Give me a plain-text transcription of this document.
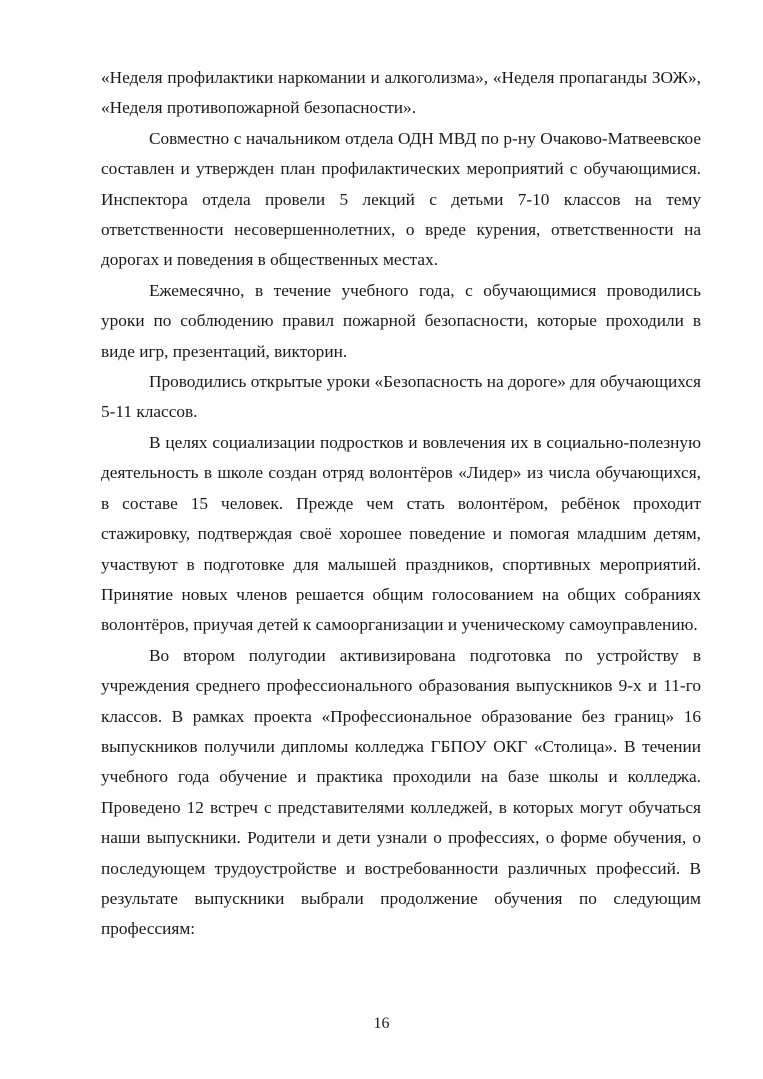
«Неделя профилактики наркомании и алкоголизма», «Неделя пропаганды ЗОЖ», «Неделя противопожарной безопасности».

Совместно с начальником отдела ОДН МВД по р-ну Очаково-Матвеевское составлен и утвержден план профилактических мероприятий с обучающимися. Инспектора отдела провели 5 лекций с детьми 7-10 классов на тему ответственности несовершеннолетних, о вреде курения, ответственности на дорогах и поведения в общественных местах.

Ежемесячно, в течение учебного года, с обучающимися проводились уроки по соблюдению правил пожарной безопасности, которые проходили в виде игр, презентаций, викторин.

Проводились открытые уроки «Безопасность на дороге» для обучающихся 5-11 классов.

В целях социализации подростков и вовлечения их в социально-полезную деятельность в школе создан отряд волонтёров «Лидер» из числа обучающихся, в составе 15 человек. Прежде чем стать волонтёром, ребёнок проходит стажировку, подтверждая своё хорошее поведение и помогая младшим детям, участвуют в подготовке для малышей праздников, спортивных мероприятий. Принятие новых членов решается общим голосованием на общих собраниях волонтёров, приучая детей к самоорганизации и ученическому самоуправлению.

Во втором полугодии активизирована подготовка по устройству в учреждения среднего профессионального образования выпускников 9-х и 11-го классов. В рамках проекта «Профессиональное образование без границ» 16 выпускников получили дипломы колледжа ГБПОУ ОКГ «Столица». В течении учебного года обучение и практика проходили на базе школы и колледжа. Проведено 12 встреч с представителями колледжей, в которых могут обучаться наши выпускники. Родители и дети узнали о профессиях, о форме обучения, о последующем трудоустройстве и востребованности различных профессий. В результате выпускники выбрали продолжение обучения по следующим профессиям:

16
